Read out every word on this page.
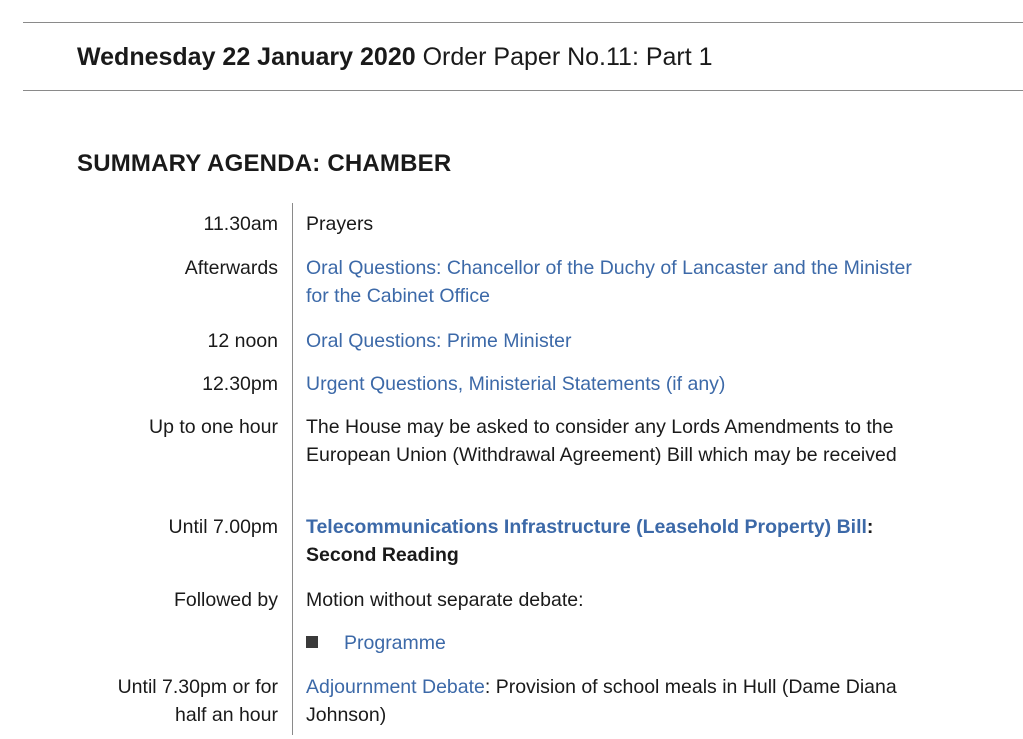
Wednesday 22 January 2020 Order Paper No.11: Part 1
SUMMARY AGENDA: CHAMBER
11.30am Prayers
Afterwards Oral Questions: Chancellor of the Duchy of Lancaster and the Minister for the Cabinet Office
12 noon Oral Questions: Prime Minister
12.30pm Urgent Questions, Ministerial Statements (if any)
Up to one hour The House may be asked to consider any Lords Amendments to the European Union (Withdrawal Agreement) Bill which may be received
Until 7.00pm Telecommunications Infrastructure (Leasehold Property) Bill:
Second Reading
Followed by Motion without separate debate:
Programme
Until 7.30pm or for
half an hour
Adjournment Debate: Provision of school meals in Hull (Dame Diana Johnson)
